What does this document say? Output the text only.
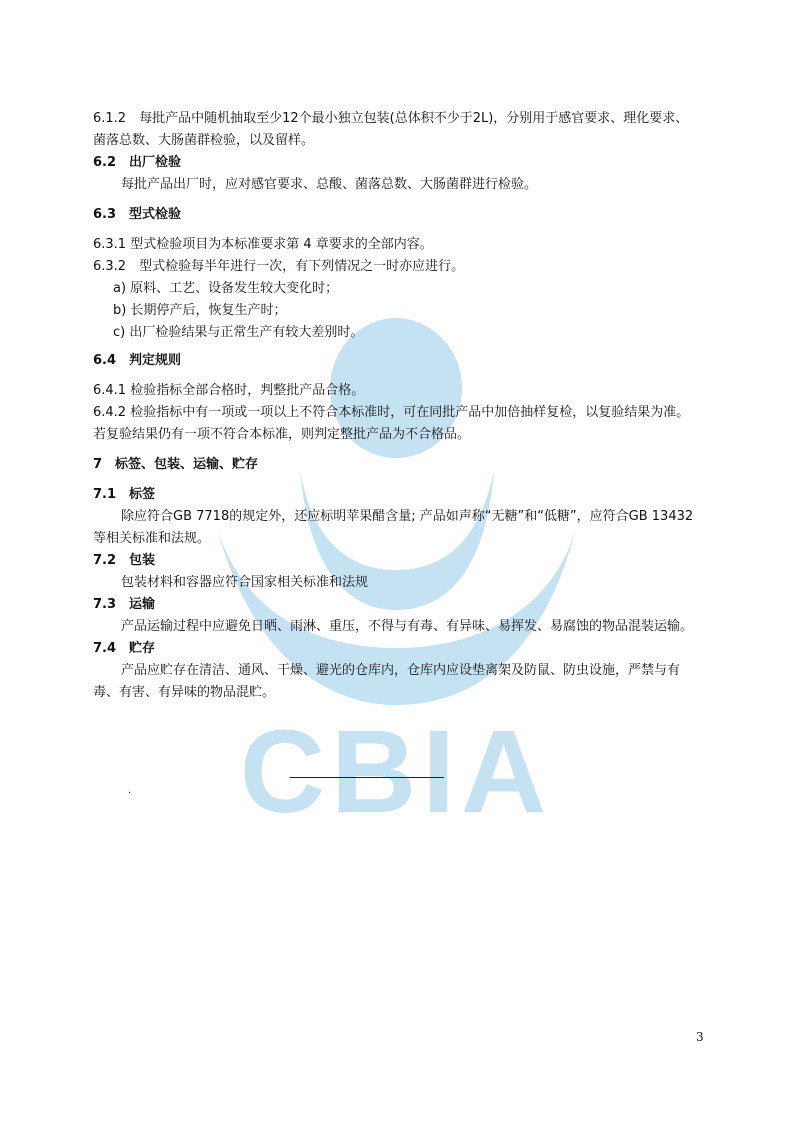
CBIA
6.1.2　每批产品中随机抽取至少12个最小独立包装(总体积不少于2L)，分别用于感官要求、理化要求、
菌落总数、大肠菌群检验，以及留样。
6.2　出厂检验
每批产品出厂时，应对感官要求、总酸、菌落总数、大肠菌群进行检验。
6.3　型式检验
6.3.1 型式检验项目为本标准要求第 4 章要求的全部内容。
6.3.2　型式检验每半年进行一次，有下列情况之一时亦应进行。
a) 原料、工艺、设备发生较大变化时；
b) 长期停产后，恢复生产时；
c) 出厂检验结果与正常生产有较大差别时。
6.4　判定规则
6.4.1 检验指标全部合格时，判整批产品合格。
6.4.2 检验指标中有一项或一项以上不符合本标准时，可在同批产品中加倍抽样复检，以复验结果为准。
若复验结果仍有一项不符合本标准，则判定整批产品为不合格品。
7　标签、包装、运输、贮存
7.1　标签
除应符合GB 7718的规定外，还应标明苹果醋含量; 产品如声称“无糖”和“低糖”，应符合GB 13432
等相关标准和法规。
7.2　包装
包装材料和容器应符合国家相关标准和法规
7.3　运输
产品运输过程中应避免日晒、雨淋、重压，不得与有毒、有异味、易挥发、易腐蚀的物品混装运输。
7.4　贮存
产品应贮存在清洁、通风、干燥、避光的仓库内，仓库内应设垫离架及防鼠、防虫设施，严禁与有
毒、有害、有异味的物品混贮。
.
3
